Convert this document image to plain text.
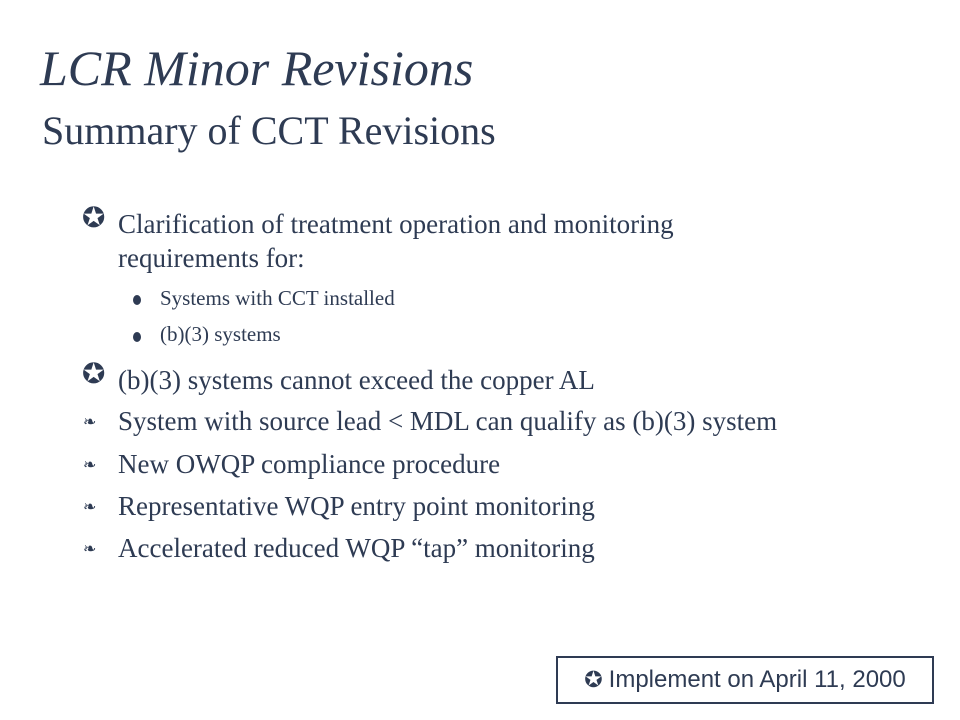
LCR Minor Revisions
Summary of CCT Revisions
✪ Clarification of treatment operation and monitoring
requirements for:
Systems with CCT installed
(b)(3) systems
✪ (b)(3) systems cannot exceed the copper AL
❧ System with source lead < MDL can qualify as (b)(3) system
❧ New OWQP compliance procedure
❧ Representative WQP entry point monitoring
❧ Accelerated reduced WQP “tap” monitoring
✪ Implement on April 11, 2000
